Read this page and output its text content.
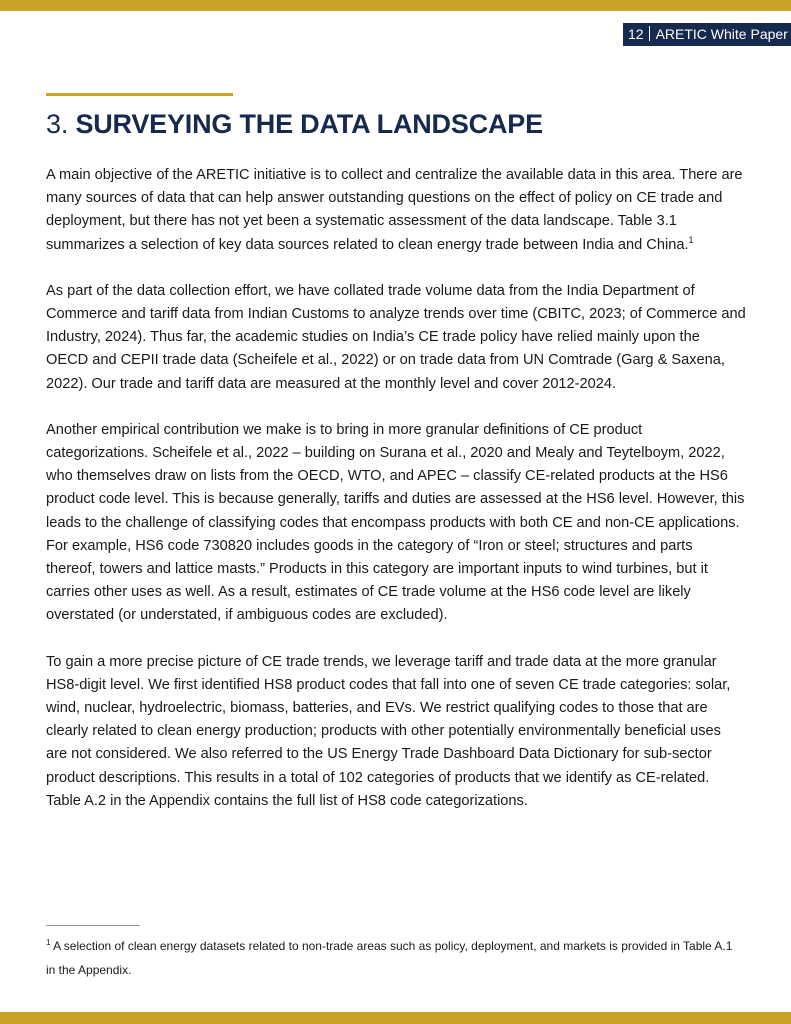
12 ARETIC White Paper
3. SURVEYING THE DATA LANDSCAPE

A main objective of the ARETIC initiative is to collect and centralize the available data in this area. There are many sources of data that can help answer outstanding questions on the effect of policy on CE trade and deployment, but there has not yet been a systematic assessment of the data landscape. Table 3.1 summarizes a selection of key data sources related to clean energy trade between India and China.$^1$

As part of the data collection effort, we have collated trade volume data from the India Department of Commerce and tariff data from Indian Customs to analyze trends over time (CBITC, 2023; of Commerce and Industry, 2024). Thus far, the academic studies on India’s CE trade policy have relied mainly upon the OECD and CEPII trade data (Scheifele et al., 2022) or on trade data from UN Comtrade (Garg & Saxena, 2022). Our trade and tariff data are measured at the monthly level and cover 2012-2024.

Another empirical contribution we make is to bring in more granular definitions of CE product categorizations. Scheifele et al., 2022 – building on Surana et al., 2020 and Mealy and Teytelboym, 2022, who themselves draw on lists from the OECD, WTO, and APEC – classify CE-related products at the HS6 product code level. This is because generally, tariffs and duties are assessed at the HS6 level. However, this leads to the challenge of classifying codes that encompass products with both CE and non-CE applications. For example, HS6 code 730820 includes goods in the category of “Iron or steel; structures and parts thereof, towers and lattice masts.” Products in this category are important inputs to wind turbines, but it carries other uses as well. As a result, estimates of CE trade volume at the HS6 code level are likely overstated (or understated, if ambiguous codes are excluded).

To gain a more precise picture of CE trade trends, we leverage tariff and trade data at the more granular HS8-digit level. We first identified HS8 product codes that fall into one of seven CE trade categories: solar, wind, nuclear, hydroelectric, biomass, batteries, and EVs. We restrict qualifying codes to those that are clearly related to clean energy production; products with other potentially environmentally beneficial uses are not considered. We also referred to the US Energy Trade Dashboard Data Dictionary for sub-sector product descriptions. This results in a total of 102 categories of products that we identify as CE-related. Table A.2 in the Appendix contains the full list of HS8 code categorizations.

$^1$ A selection of clean energy datasets related to non-trade areas such as policy, deployment, and markets is provided in Table A.1 in the Appendix.
